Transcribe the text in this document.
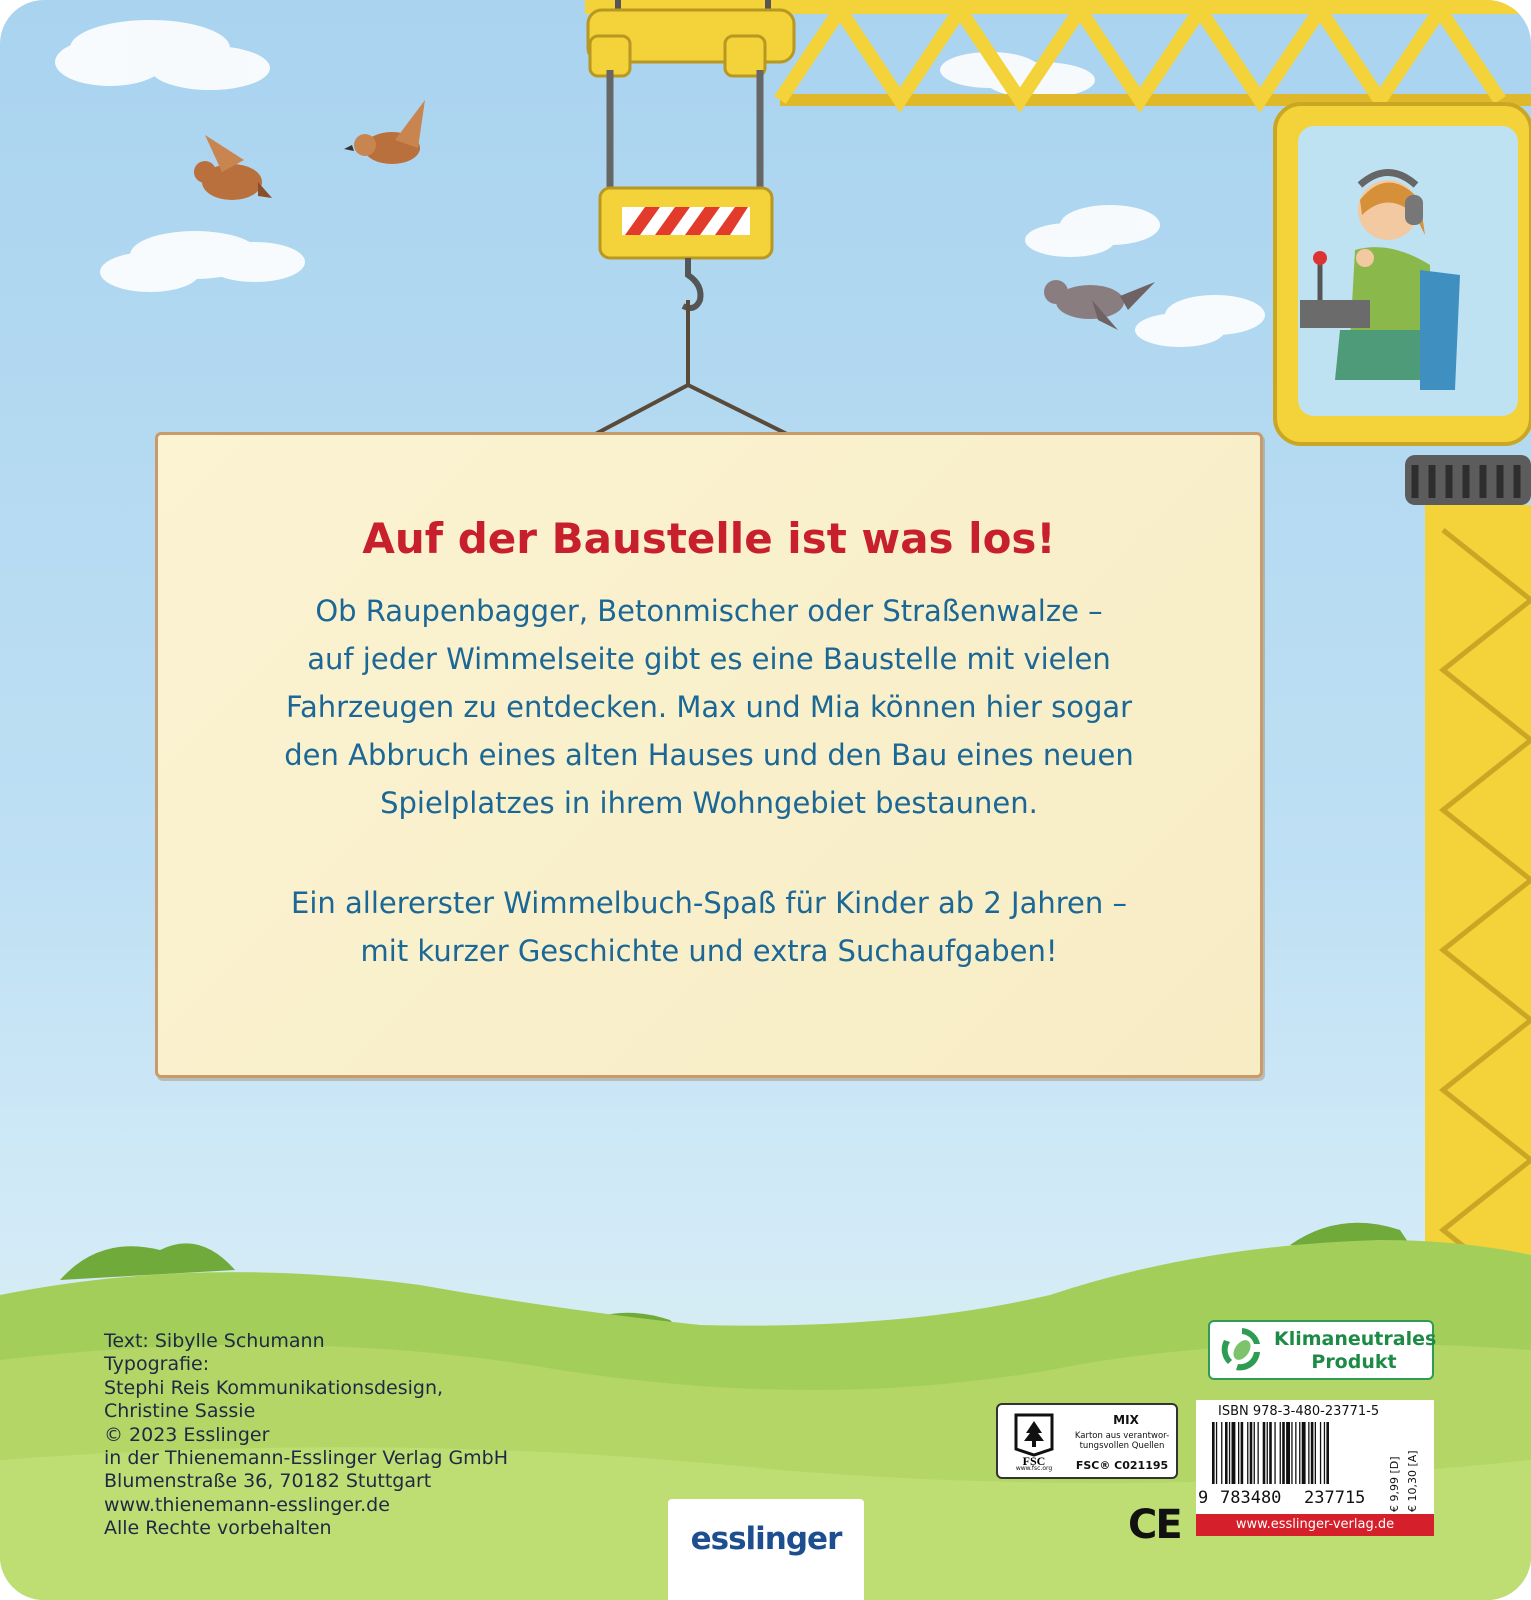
Auf der Baustelle ist was los!
Ob Raupenbagger, Betonmischer oder Straßenwalze –
auf jeder Wimmelseite gibt es eine Baustelle mit vielen
Fahrzeugen zu entdecken. Max und Mia können hier sogar
den Abbruch eines alten Hauses und den Bau eines neuen
Spielplatzes in ihrem Wohngebiet bestaunen.
Ein allererster Wimmelbuch-Spaß für Kinder ab 2 Jahren –
mit kurzer Geschichte und extra Suchaufgaben!
Text: Sibylle Schumann
Typografie:
Stephi Reis Kommunikationsdesign,
Christine Sassie
© 2023 Esslinger
in der Thienemann-Esslinger Verlag GmbH
Blumenstraße 36, 70182 Stuttgart
www.thienemann-esslinger.de
Alle Rechte vorbehalten
Klimaneutrales
Produkt
FSC
www.fsc.org
MIX
Karton aus verantwor-
tungsvollen Quellen
FSC® C021195
CE
ISBN 978-3-480-23771-5
9 783480 237715 € 9,99 [D] € 10,30 [A]
www.esslinger-verlag.de
esslinger
